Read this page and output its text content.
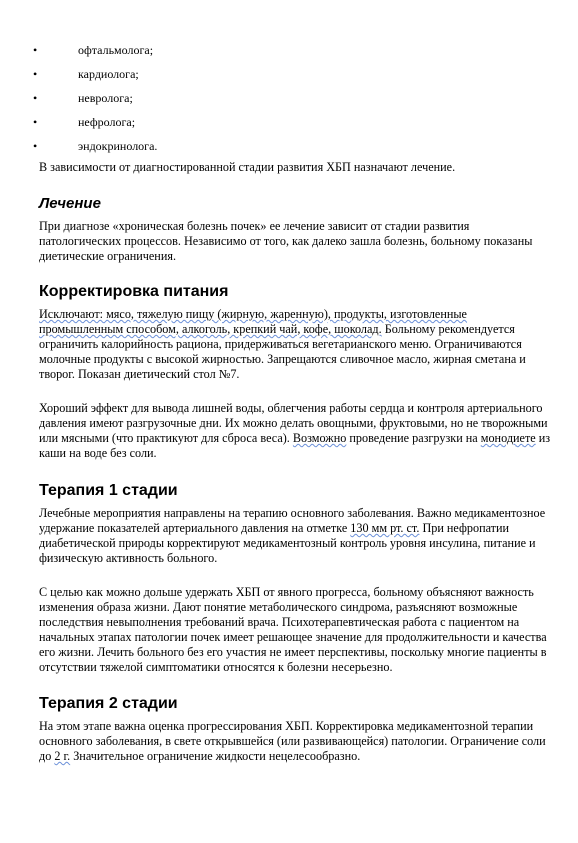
•	офтальмолога;
•	кардиолога;
•	невролога;
•	нефролога;
•	эндокринолога.

В зависимости от диагностированной стадии развития ХБП назначают лечение.

Лечение

При диагнозе «хроническая болезнь почек» ее лечение зависит от стадии развития

патологических процессов. Независимо от того, как далеко зашла болезнь, больному показаны

диетические ограничения.

Корректировка питания

Исключают: мясо, тяжелую пищу (жирную, жаренную), продукты, изготовленные

промышленным способом, алкоголь, крепкий чай, кофе, шоколад. Больному рекомендуется

ограничить калорийность рациона, придерживаться вегетарианского меню. Ограничиваются

молочные продукты с высокой жирностью. Запрещаются сливочное масло, жирная сметана и

творог. Показан диетический стол №7.

Хороший эффект для вывода лишней воды, облегчения работы сердца и контроля артериального

давления имеют разгрузочные дни. Их можно делать овощными, фруктовыми, но не творожными

или мясными (что практикуют для сброса веса). Возможно проведение разгрузки на монодиете из

каши на воде без соли.

Терапия 1 стадии

Лечебные мероприятия направлены на терапию основного заболевания. Важно медикаментозное

удержание показателей артериального давления на отметке 130 мм рт. ст. При нефропатии

диабетической природы корректируют медикаментозный контроль уровня инсулина, питание и

физическую активность больного.

С целью как можно дольше удержать ХБП от явного прогресса, больному объясняют важность

изменения образа жизни. Дают понятие метаболического синдрома, разъясняют возможные

последствия невыполнения требований врача. Психотерапевтическая работа с пациентом на

начальных этапах патологии почек имеет решающее значение для продолжительности и качества

его жизни. Лечить больного без его участия не имеет перспективы, поскольку многие пациенты в

отсутствии тяжелой симптоматики относятся к болезни несерьезно.

Терапия 2 стадии

На этом этапе важна оценка прогрессирования ХБП. Корректировка медикаментозной терапии

основного заболевания, в свете открывшейся (или развивающейся) патологии. Ограничение соли

до 2 г. Значительное ограничение жидкости нецелесообразно.
